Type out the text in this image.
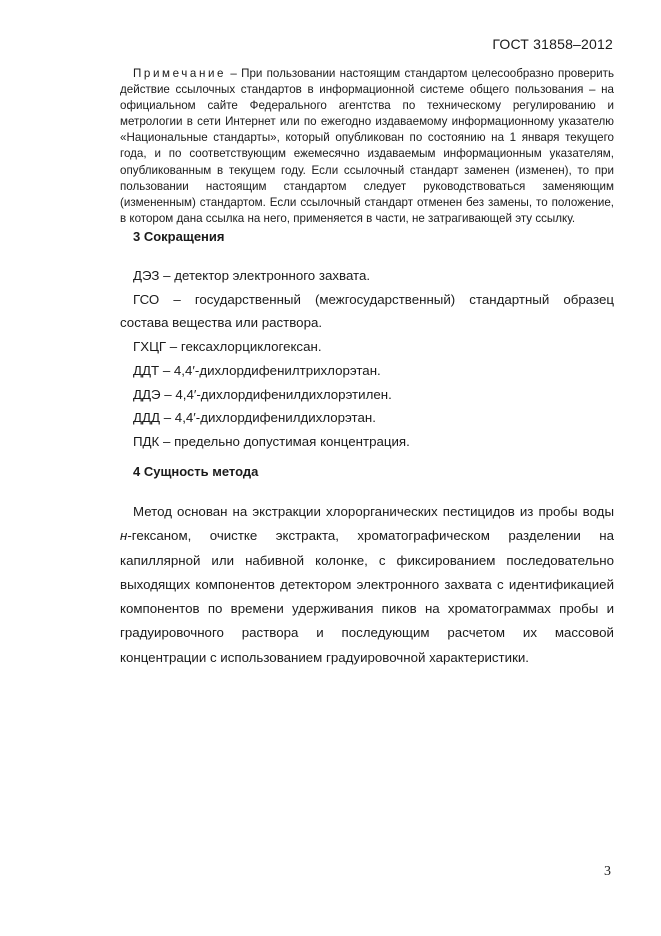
ГОСТ 31858–2012

Примечание – При пользовании настоящим стандартом целесообразно проверить действие ссылочных стандартов в информационной системе общего пользования – на официальном сайте Федерального агентства по техническому регулированию и метрологии в сети Интернет или по ежегодно издаваемому информационному указателю «Национальные стандарты», который опубликован по состоянию на 1 января текущего года, и по соответствующим ежемесячно издаваемым информационным указателям, опубликованным в текущем году. Если ссылочный стандарт заменен (изменен), то при пользовании настоящим стандартом следует руководствоваться заменяющим (измененным) стандартом. Если ссылочный стандарт отменен без замены, то положение, в котором дана ссылка на него, применяется в части, не затрагивающей эту ссылку.

3 Сокращения

ДЭЗ – детектор электронного захвата.

ГСО – государственный (межгосударственный) стандартный образец состава вещества или раствора.

ГХЦГ – гексахлорциклогексан.

ДДТ – 4,4′-дихлордифенилтрихлорэтан.

ДДЭ – 4,4′-дихлордифенилдихлорэтилен.

ДДД – 4,4′-дихлордифенилдихлорэтан.

ПДК – предельно допустимая концентрация.

4 Сущность метода

Метод основан на экстракции хлорорганических пестицидов из пробы воды н-гексаном, очистке экстракта, хроматографическом разделении на капиллярной или набивной колонке, с фиксированием последовательно выходящих компонентов детектором электронного захвата с идентификацией компонентов по времени удерживания пиков на хроматограммах пробы и градуировочного раствора и последующим расчетом их массовой концентрации с использованием градуировочной характеристики.

3
